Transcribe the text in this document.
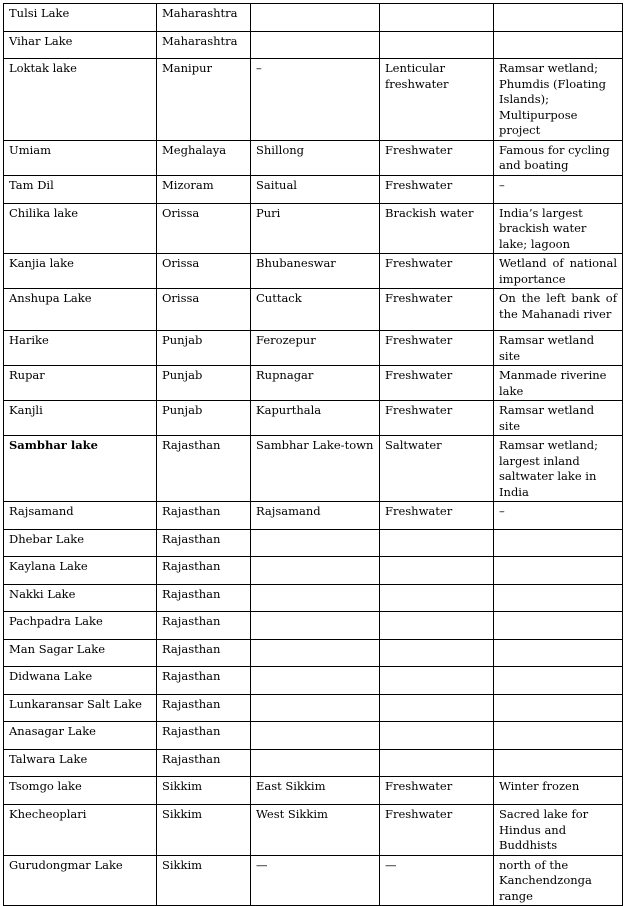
Tulsi Lake	Maharashtra			
Vihar Lake	Maharashtra			
Loktak lake	Manipur	–	Lenticular freshwater	Ramsar wetland; Phumdis (Floating Islands); Multipurpose project
Umiam	Meghalaya	Shillong	Freshwater	Famous for cycling and boating
Tam Dil	Mizoram	Saitual	Freshwater	–
Chilika lake	Orissa	Puri	Brackish water	India’s largest brackish water lake; lagoon
Kanjia lake	Orissa	Bhubaneswar	Freshwater	Wetland of national importance
Anshupa Lake	Orissa	Cuttack	Freshwater	On the left bank of the Mahanadi river
Harike	Punjab	Ferozepur	Freshwater	Ramsar wetland site
Rupar	Punjab	Rupnagar	Freshwater	Manmade riverine lake
Kanjli	Punjab	Kapurthala	Freshwater	Ramsar wetland site
Sambhar lake	Rajasthan	Sambhar Lake-town	Saltwater	Ramsar wetland; largest inland saltwater lake in India
Rajsamand	Rajasthan	Rajsamand	Freshwater	–
Dhebar Lake	Rajasthan			
Kaylana Lake	Rajasthan			
Nakki Lake	Rajasthan			
Pachpadra Lake	Rajasthan			
Man Sagar Lake	Rajasthan			
Didwana Lake	Rajasthan			
Lunkaransar Salt Lake	Rajasthan			
Anasagar Lake	Rajasthan			
Talwara Lake	Rajasthan			
Tsomgo lake	Sikkim	East Sikkim	Freshwater	Winter frozen
Khecheoplari	Sikkim	West Sikkim	Freshwater	Sacred lake for Hindus and Buddhists
Gurudongmar Lake	Sikkim	—	—	north of the Kanchendzonga range
